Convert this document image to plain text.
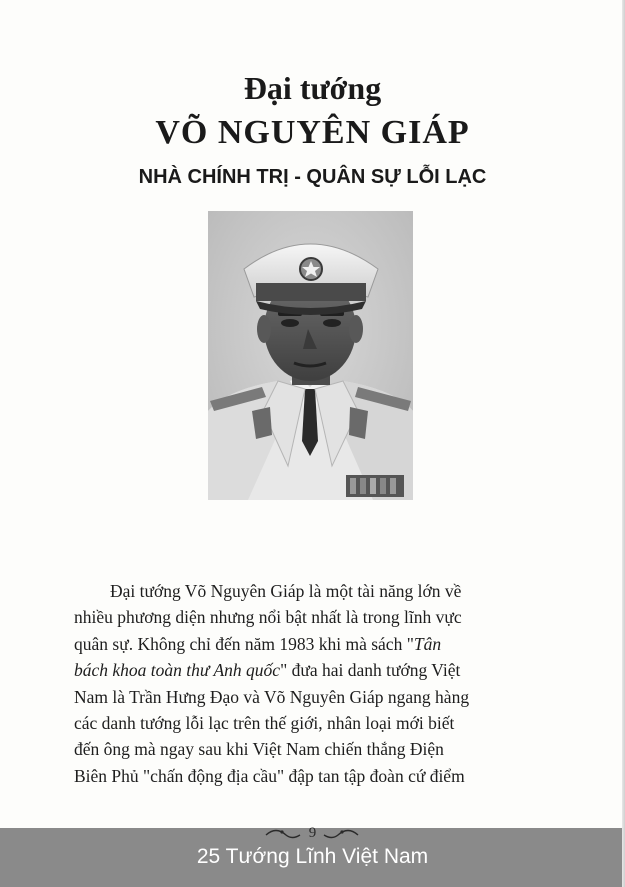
Đại tướng
VÕ NGUYÊN GIÁP
NHÀ CHÍNH TRỊ - QUÂN SỰ LỖI LẠC

Đại tướng Võ Nguyên Giáp là một tài năng lớn về
nhiều phương diện nhưng nổi bật nhất là trong lĩnh vực
quân sự. Không chỉ đến năm 1983 khi mà sách "Tân
bách khoa toàn thư Anh quốc" đưa hai danh tướng Việt
Nam là Trần Hưng Đạo và Võ Nguyên Giáp ngang hàng
các danh tướng lỗi lạc trên thế giới, nhân loại mới biết
đến ông mà ngay sau khi Việt Nam chiến thắng Điện
Biên Phủ "chấn động địa cầu" đập tan tập đoàn cứ điểm

9
25 Tướng Lĩnh Việt Nam
